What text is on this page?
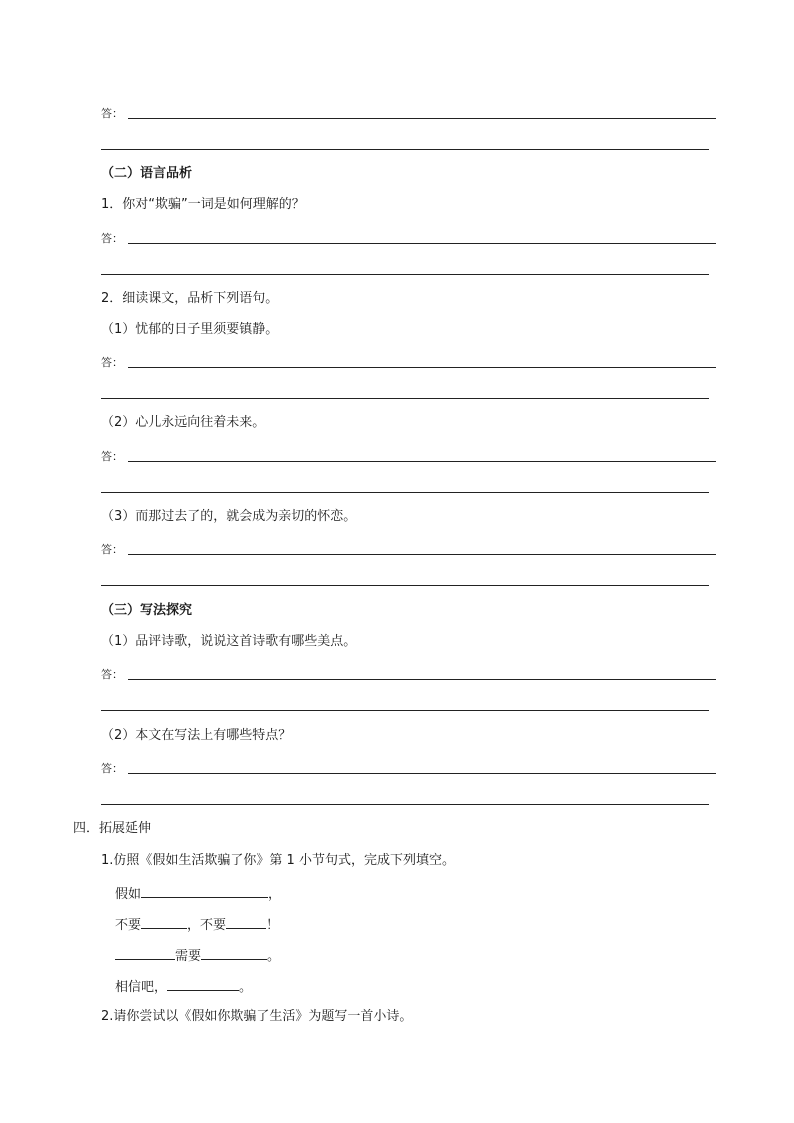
答：
（二）语言品析
1．你对“欺骗”一词是如何理解的？
答：
2．细读课文，品析下列语句。
（1）忧郁的日子里须要镇静。
答：
（2）心儿永远向往着未来。
答：
（3）而那过去了的，就会成为亲切的怀恋。
答：
（三）写法探究
（1）品评诗歌，说说这首诗歌有哪些美点。
答：
（2）本文在写法上有哪些特点？
答：
四．拓展延伸
1.仿照《假如生活欺骗了你》第 1 小节句式，完成下列填空。
假如	，
不要	，不要	！
需要	。
相信吧，	。
2.请你尝试以《假如你欺骗了生活》为题写一首小诗。
